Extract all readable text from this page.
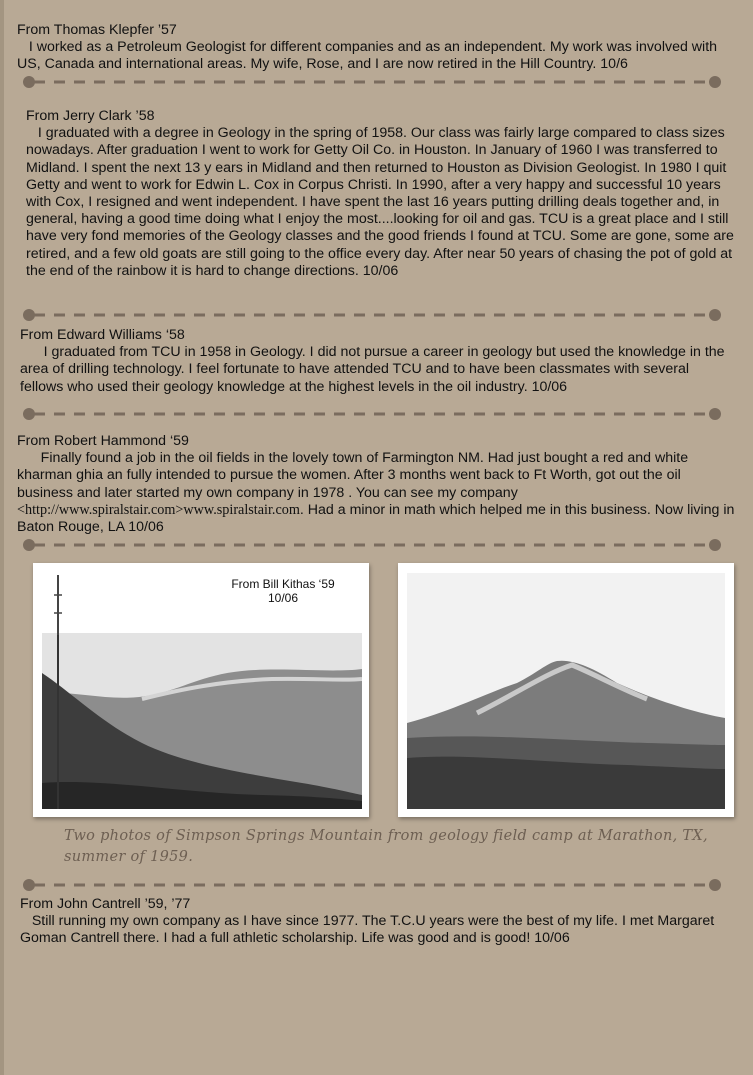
From Thomas Klepfer ’57

I worked as a Petroleum Geologist for different companies and as an independent. My work was involved with US, Canada and international areas. My wife, Rose, and I are now retired in the Hill Country. 10/6

From Jerry Clark ’58

I graduated with a degree in Geology in the spring of 1958. Our class was fairly large compared to class sizes nowadays. After graduation I went to work for Getty Oil Co. in Houston. In January of 1960 I was transferred to Midland. I spent the next 13 y ears in Midland and then returned to Houston as Division Geologist. In 1980 I quit Getty and went to work for Edwin L. Cox in Corpus Christi. In 1990, after a very happy and successful 10 years with Cox, I resigned and went independent. I have spent the last 16 years putting drilling deals together and, in general, having a good time doing what I enjoy the most....looking for oil and gas. TCU is a great place and I still have very fond memories of the Geology classes and the good friends I found at TCU. Some are gone, some are retired, and a few old goats are still going to the office every day. After near 50 years of chasing the pot of gold at the end of the rainbow it is hard to change directions. 10/06

From Edward Williams ‘58

I graduated from TCU in 1958 in Geology. I did not pursue a career in geology but used the knowledge in the area of drilling technology. I feel fortunate to have attended TCU and to have been classmates with several fellows who used their geology knowledge at the highest levels in the oil industry. 10/06

From Robert Hammond ‘59

Finally found a job in the oil fields in the lovely town of Farmington NM. Had just bought a red and white kharman ghia an fully intended to pursue the women. After 3 months went back to Ft Worth, got out the oil business and later started my own company in 1978 . You can see my company <http://www.spiralstair.com>www.spiralstair.com. Had a minor in math which helped me in this business. Now living in Baton Rouge, LA 10/06

From Bill Kithas ‘59
10/06
Two photos of Simpson Springs Mountain from geology field camp at Marathon, TX, summer of 1959.

From John Cantrell ’59, ’77

Still running my own company as I have since 1977. The T.C.U years were the best of my life. I met Margaret Goman Cantrell there. I had a full athletic scholarship. Life was good and is good! 10/06
